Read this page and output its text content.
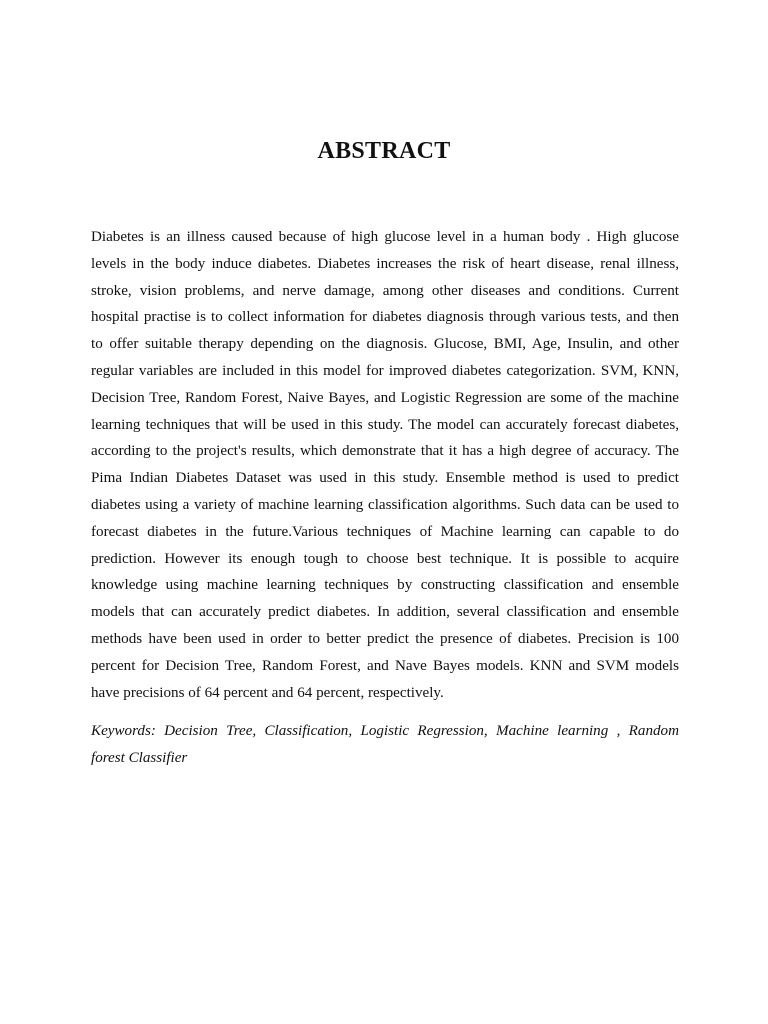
ABSTRACT

Diabetes is an illness caused because of high glucose level in a human body . High glucose
levels in the body induce diabetes. Diabetes increases the risk of heart disease, renal illness,
stroke, vision problems, and nerve damage, among other diseases and conditions. Current
hospital practise is to collect information for diabetes diagnosis through various tests, and then
to offer suitable therapy depending on the diagnosis. Glucose, BMI, Age, Insulin, and other
regular variables are included in this model for improved diabetes categorization. SVM, KNN,
Decision Tree, Random Forest, Naive Bayes, and Logistic Regression are some of the machine
learning techniques that will be used in this study. The model can accurately forecast diabetes,
according to the project's results, which demonstrate that it has a high degree of accuracy. The
Pima Indian Diabetes Dataset was used in this study. Ensemble method is used to predict
diabetes using a variety of machine learning classification algorithms. Such data can be used to
forecast diabetes in the future.Various techniques of Machine learning can capable to do
prediction. However its enough tough to choose best technique. It is possible to acquire
knowledge using machine learning techniques by constructing classification and ensemble
models that can accurately predict diabetes. In addition, several classification and ensemble
methods have been used in order to better predict the presence of diabetes. Precision is 100
percent for Decision Tree, Random Forest, and Nave Bayes models. KNN and SVM models
have precisions of 64 percent and 64 percent, respectively.

Keywords: Decision Tree, Classification, Logistic Regression, Machine learning , Random
forest Classifier
